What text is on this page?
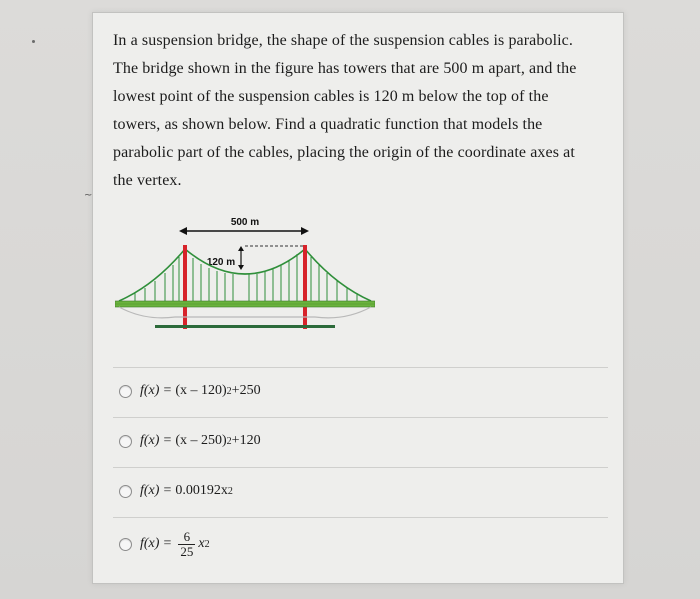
~
In a suspension bridge, the shape of the suspension cables is parabolic.
The bridge shown in the figure has towers that are 500 m apart, and the
lowest point of the suspension cables is 120 m below the top of the
towers, as shown below. Find a quadratic function that models the
parabolic part of the cables, placing the origin of the coordinate axes at
the vertex.
500 m
120 m
f(x) = (x – 120) 2 +250
f(x) = (x – 250) 2 +120
f(x) = 0.00192x 2
$f(x) = \frac{6}{25}$ x 2
